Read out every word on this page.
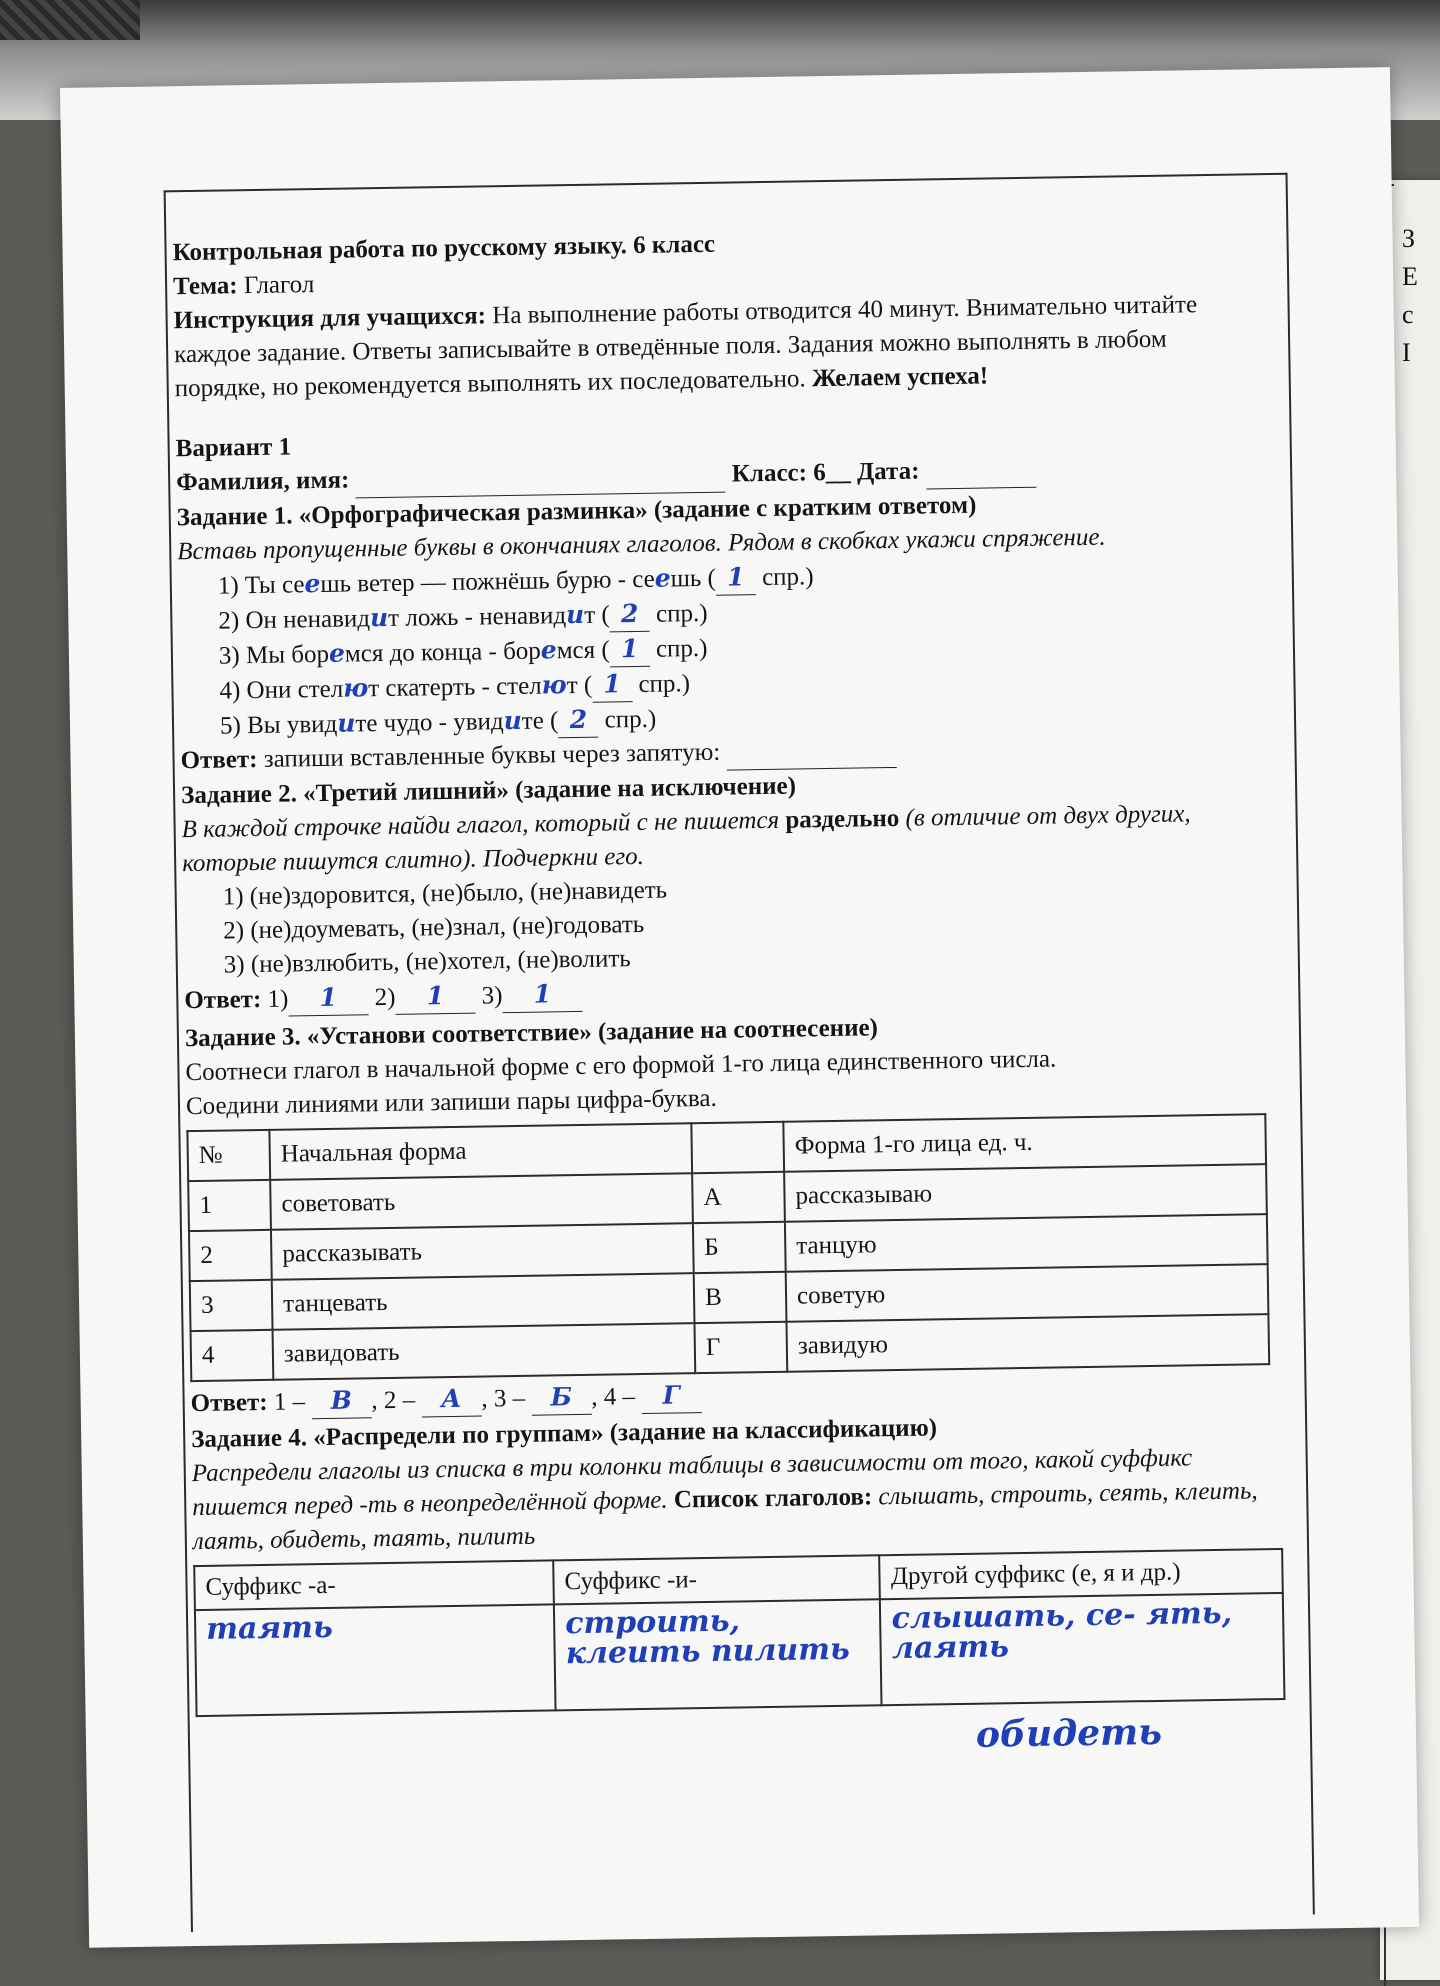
З
Е
с
I

Контрольная работа по русскому языку. 6 класс

Тема: Глагол

Инструкция для учащихся: На выполнение работы отводится 40 минут. Внимательно читайте каждое задание. Ответы записывайте в отведённые поля. Задания можно выполнять в любом порядке, но рекомендуется выполнять их последовательно. Желаем успеха!

Вариант 1

Фамилия, имя:	Класс: 6__ Дата:

Задание 1. «Орфографическая разминка» (задание с кратким ответом)

Вставь пропущенные буквы в окончаниях глаголов. Рядом в скобках укажи спряжение.

1) Ты сеешь ветер — пожнёшь бурю - сеешь ( 1 спр.)
2) Он ненавидит ложь - ненавидит ( 2 спр.)
3) Мы боремся до конца - боремся ( 1 спр.)
4) Они стелют скатерть - стелют ( 1 спр.)
5) Вы увидите чудо - увидите ( 2 спр.)

Ответ: запиши вставленные буквы через запятую:

Задание 2. «Третий лишний» (задание на исключение)

В каждой строчке найди глагол, который с не пишется раздельно (в отличие от двух других, которые пишутся слитно). Подчеркни его.

1) (не)здоровится, (не)было, (не)навидеть
2) (не)доумевать, (не)знал, (не)годовать
3) (не)взлюбить, (не)хотел, (не)волить

Ответ: 1) 1 2) 1 3) 1

Задание 3. «Установи соответствие» (задание на соотнесение)

Соотнеси глагол в начальной форме с его формой 1-го лица единственного числа.

Соедини линиями или запиши пары цифра-буква.

№	Начальная форма		Форма 1-го лица ед. ч.
1	советовать	А	рассказываю
2	рассказывать	Б	танцую
3	танцевать	В	советую
4	завидовать	Г	завидую

Ответ: 1 – В , 2 – А , 3 – Б , 4 – Г

Задание 4. «Распредели по группам» (задание на классификацию)

Распредели глаголы из списка в три колонки таблицы в зависимости от того, какой суффикс пишется перед -ть в неопределённой форме. Список глаголов: слышать, строить, сеять, клеить, лаять, обидеть, таять, пилить

Суффикс -а-	Суффикс -и-	Другой суффикс (е, я и др.)
таять	строить, клеить пилить	слышать, се- ять, лаять
обидеть
